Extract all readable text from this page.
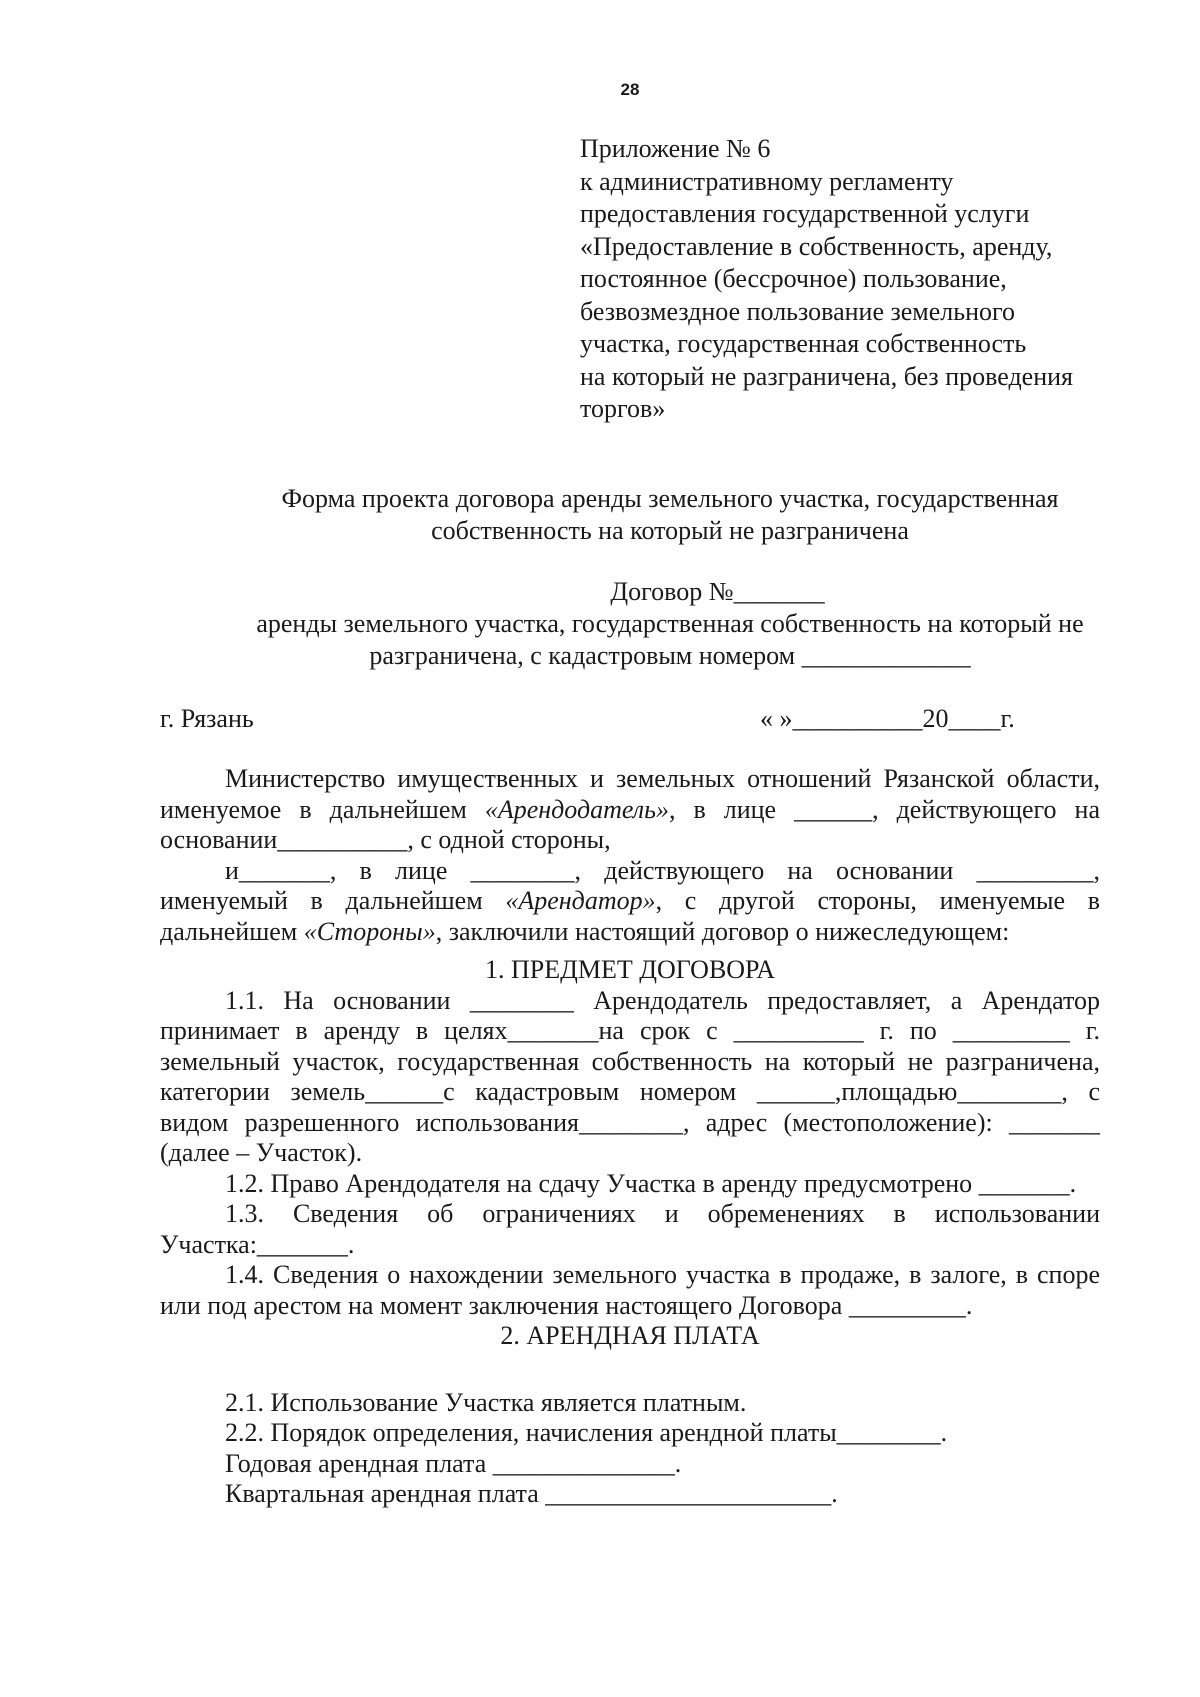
28
Приложение № 6
к административному регламенту
предоставления государственной услуги
«Предоставление в собственность, аренду,
постоянное (бессрочное) пользование,
безвозмездное пользование земельного
участка, государственная собственность
на который не разграничена, без проведения
торгов»
Форма проекта договора аренды земельного участка, государственная
собственность на который не разграничена
Договор №_______
аренды земельного участка, государственная собственность на который не
разграничена, с кадастровым номером _____________
г. Рязань	« »__________20____г.

Министерство имущественных и земельных отношений Рязанской области, именуемое в дальнейшем «Арендодатель», в лице ______, действующего на основании__________, с одной стороны,

и_______, в лице ________, действующего на основании _________, именуемый в дальнейшем «Арендатор», с другой стороны, именуемые в дальнейшем «Стороны», заключили настоящий договор о нижеследующем:

1. ПРЕДМЕТ ДОГОВОРА

1.1. На основании ________ Арендодатель предоставляет, а Арендатор принимает в аренду в целях_______на срок с __________ г. по _________ г. земельный участок, государственная собственность на который не разграничена, категории земель______с кадастровым номером ______,площадью________, с видом разрешенного использования________, адрес (местоположение): _______ (далее – Участок).

1.2. Право Арендодателя на сдачу Участка в аренду предусмотрено _______.

1.3. Сведения об ограничениях и обременениях в использовании Участка:_______.

1.4. Сведения о нахождении земельного участка в продаже, в залоге, в споре или под арестом на момент заключения настоящего Договора _________.

2. АРЕНДНАЯ ПЛАТА

2.1. Использование Участка является платным.

2.2. Порядок определения, начисления арендной платы________.

Годовая арендная плата ______________.

Квартальная арендная плата ______________________.
